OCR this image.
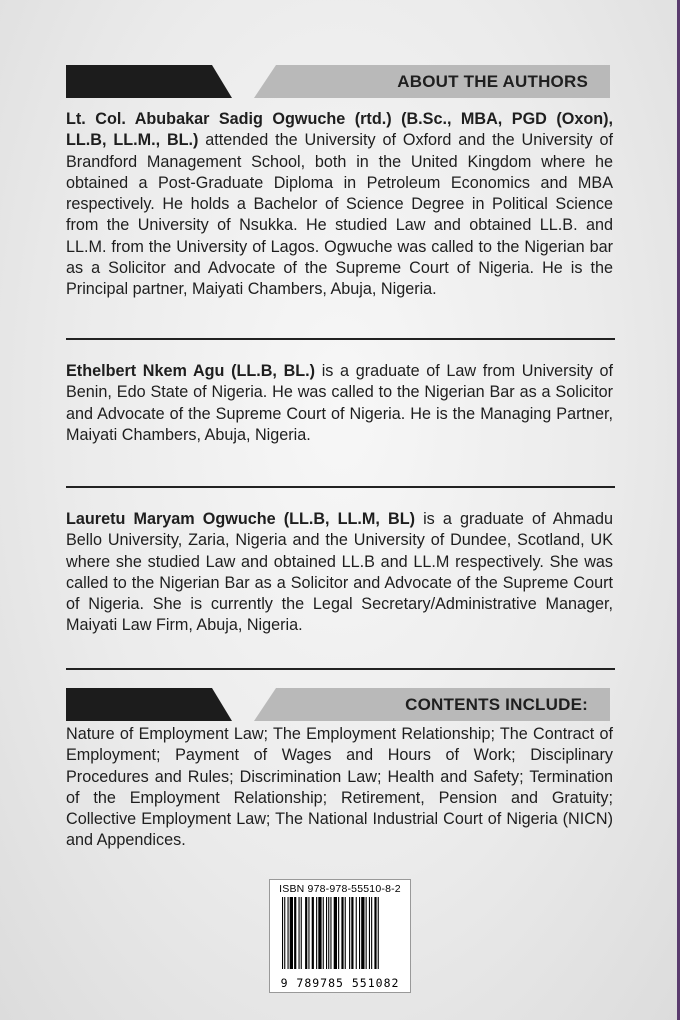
ABOUT THE AUTHORS

Lt. Col. Abubakar Sadig Ogwuche (rtd.) (B.Sc., MBA, PGD (Oxon), LL.B, LL.M., BL.) attended the University of Oxford and the University of Brandford Management School, both in the United Kingdom where he obtained a Post-Graduate Diploma in Petroleum Economics and MBA respectively. He holds a Bachelor of Science Degree in Political Science from the University of Nsukka. He studied Law and obtained LL.B. and LL.M. from the University of Lagos. Ogwuche was called to the Nigerian bar as a Solicitor and Advocate of the Supreme Court of Nigeria. He is the Principal partner, Maiyati Chambers, Abuja, Nigeria.

Ethelbert Nkem Agu (LL.B, BL.) is a graduate of Law from University of Benin, Edo State of Nigeria. He was called to the Nigerian Bar as a Solicitor and Advocate of the Supreme Court of Nigeria. He is the Managing Partner, Maiyati Chambers, Abuja, Nigeria.

Lauretu Maryam Ogwuche (LL.B, LL.M, BL) is a graduate of Ahmadu Bello University, Zaria, Nigeria and the University of Dundee, Scotland, UK where she studied Law and obtained LL.B and LL.M respectively. She was called to the Nigerian Bar as a Solicitor and Advocate of the Supreme Court of Nigeria. She is currently the Legal Secretary/Administrative Manager, Maiyati Law Firm, Abuja, Nigeria.

CONTENTS INCLUDE:

Nature of Employment Law; The Employment Relationship; The Contract of Employment; Payment of Wages and Hours of Work; Disciplinary Procedures and Rules; Discrimination Law; Health and Safety; Termination of the Employment Relationship; Retirement, Pension and Gratuity; Collective Employment Law; The National Industrial Court of Nigeria (NICN) and Appendices.

ISBN 978-978-55510-8-2
9 789785 551082
